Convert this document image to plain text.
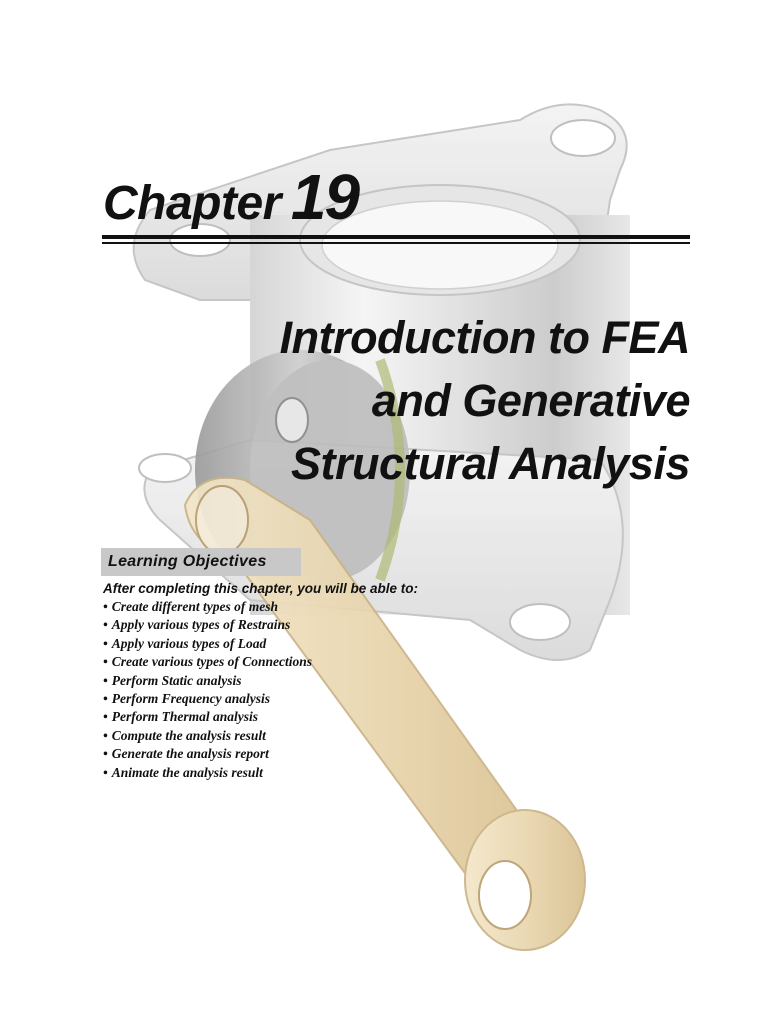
Chapter 19
Introduction to FEA
and Generative
Structural Analysis
Learning Objectives
After completing this chapter, you will be able to:
• Create different types of mesh
• Apply various types of Restrains
• Apply various types of Load
• Create various types of Connections
• Perform Static analysis
• Perform Frequency analysis
• Perform Thermal analysis
• Compute the analysis result
• Generate the analysis report
• Animate the analysis result
